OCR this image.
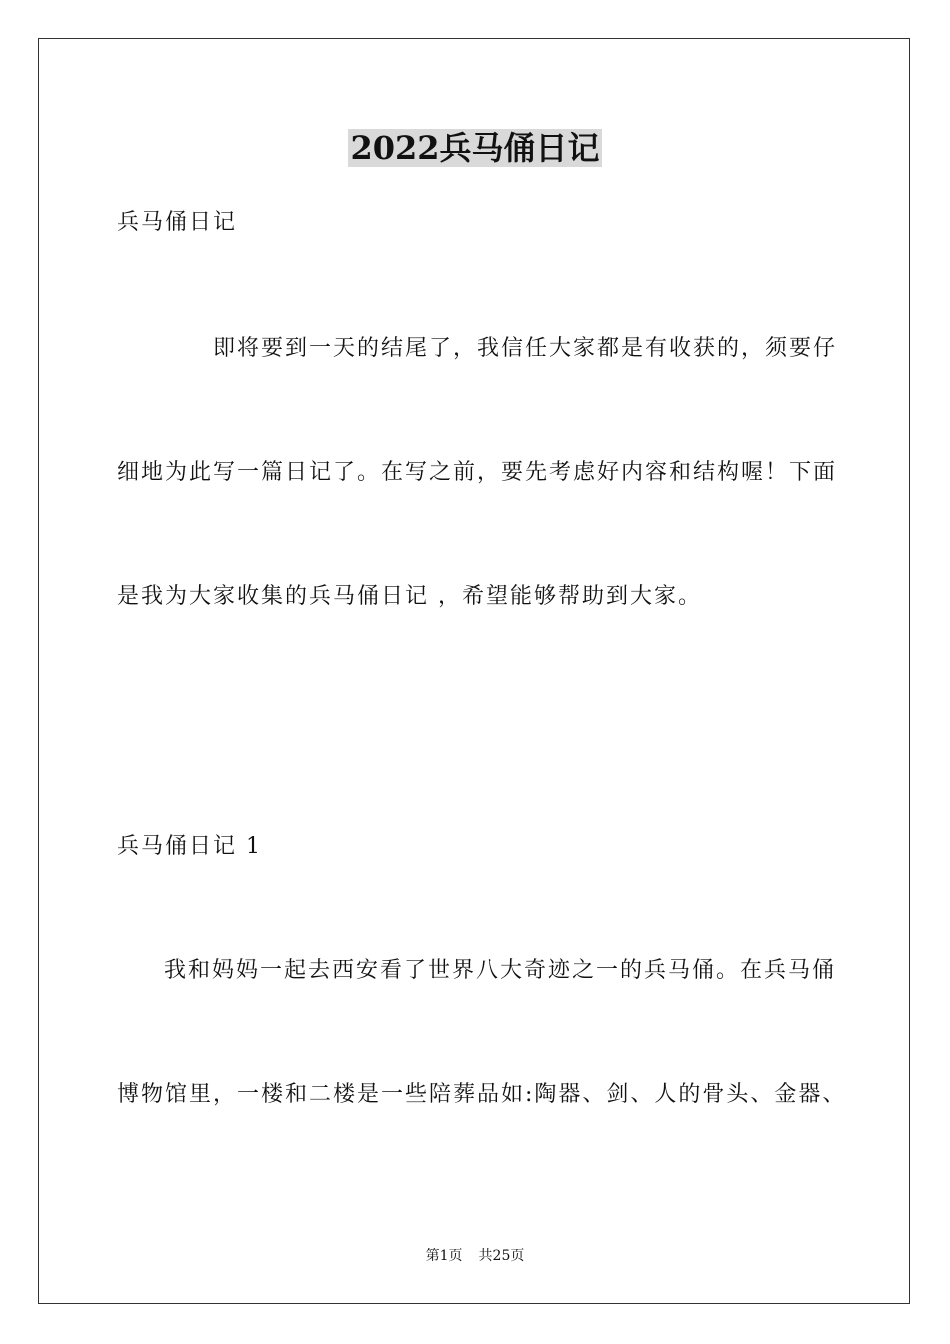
2022兵马俑日记
兵马俑日记
即将要到一天的结尾了，我信任大家都是有收获的，须要仔
细地为此写一篇日记了。在写之前，要先考虑好内容和结构喔！下面
是我为大家收集的兵马俑日记 ，希望能够帮助到大家。
兵马俑日记 1
我和妈妈一起去西安看了世界八大奇迹之一的兵马俑。在兵马俑
博物馆里，一楼和二楼是一些陪葬品如:陶器、剑、人的骨头、金器、
第1页 共25页
